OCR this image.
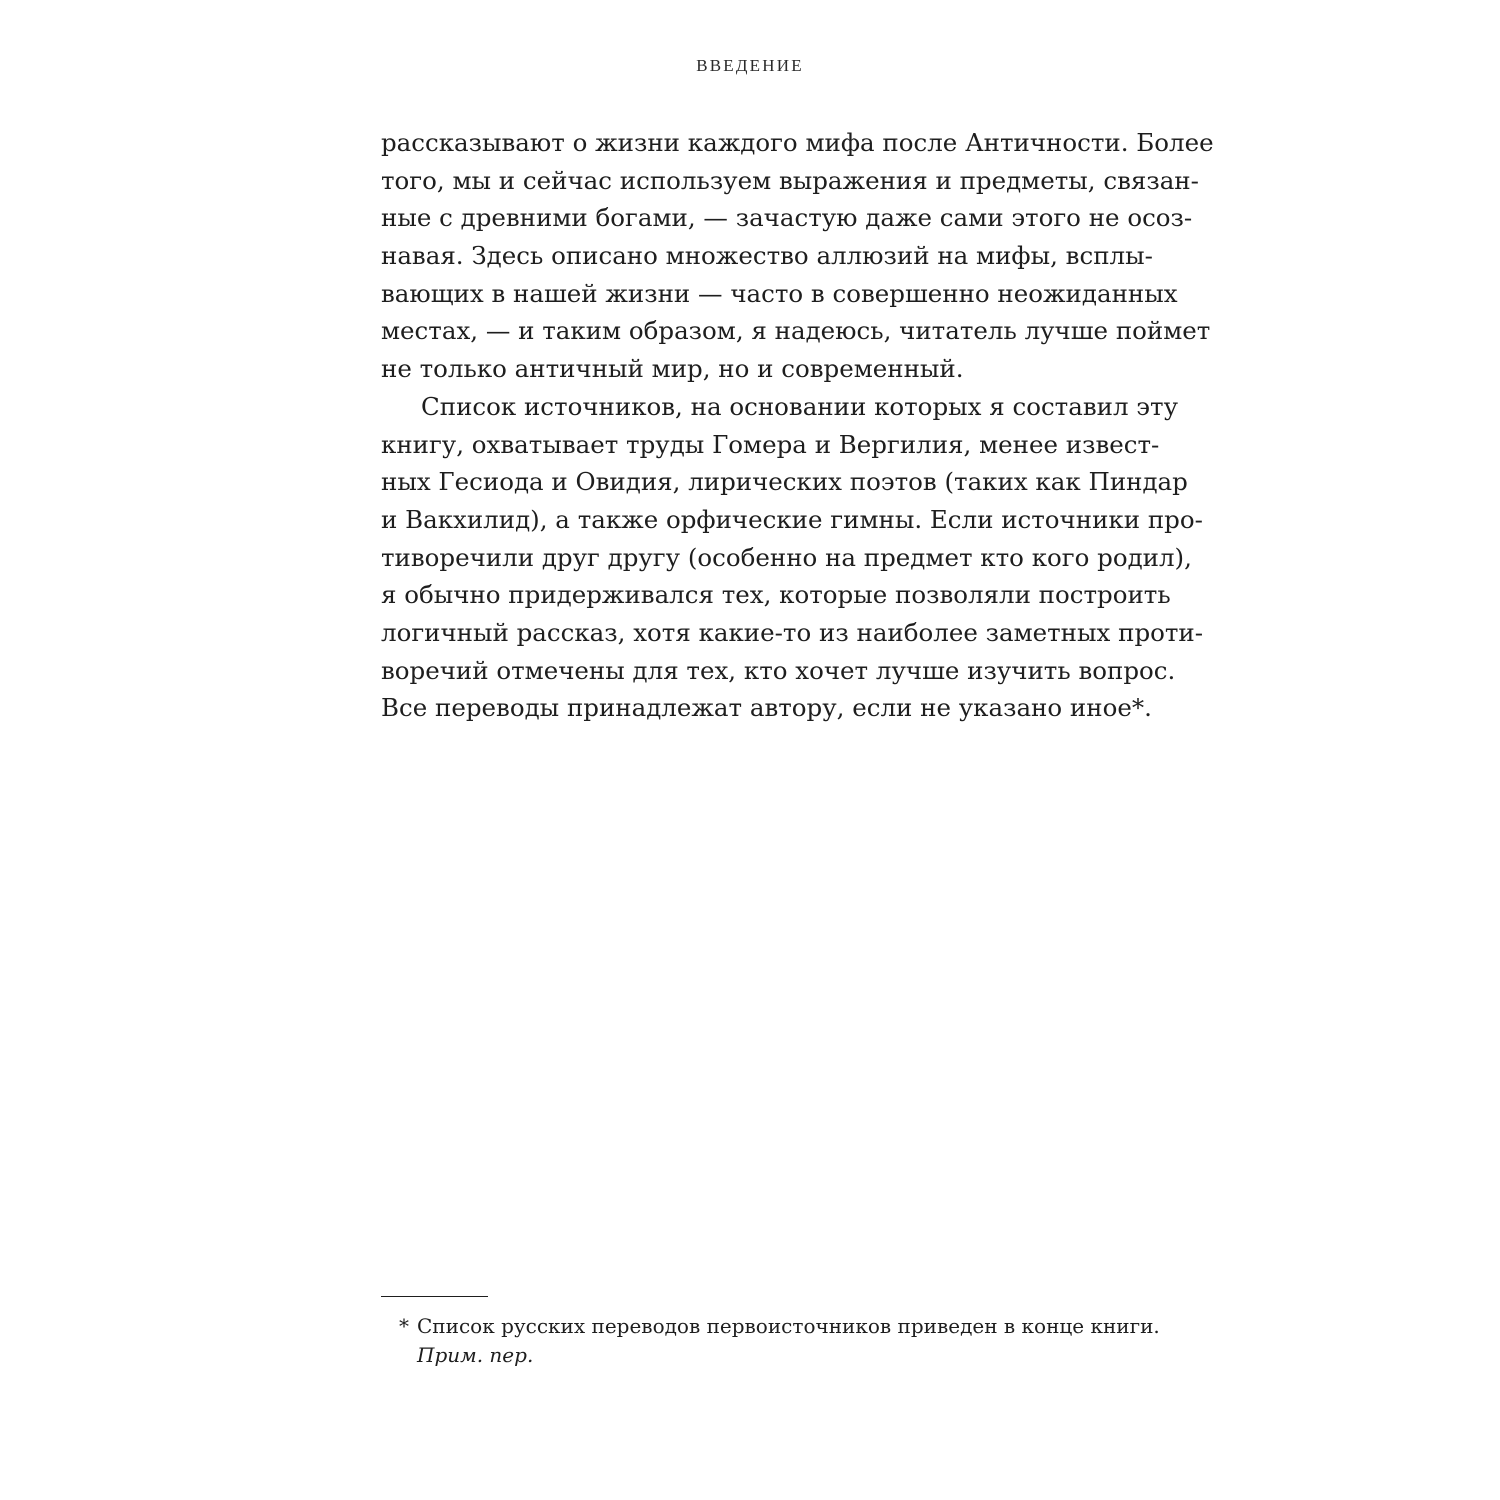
ВВЕДЕНИЕ
рассказывают о жизни каждого мифа после Античности. Более
того, мы и сейчас используем выражения и предметы, связан-
ные с древними богами, — зачастую даже сами этого не осоз-
навая. Здесь описано множество аллюзий на мифы, всплы-
вающих в нашей жизни — часто в совершенно неожиданных
местах, — и таким образом, я надеюсь, читатель лучше поймет
не только античный мир, но и современный.
Список источников, на основании которых я составил эту
книгу, охватывает труды Гомера и Вергилия, менее извест-
ных Гесиода и Овидия, лирических поэтов (таких как Пиндар
и Вакхилид), а также орфические гимны. Если источники про-
тиворечили друг другу (особенно на предмет кто кого родил),
я обычно придерживался тех, которые позволяли построить
логичный рассказ, хотя какие-то из наиболее заметных проти-
воречий отмечены для тех, кто хочет лучше изучить вопрос.
Все переводы принадлежат автору, если не указано иное*.
* Список русских переводов первоисточников приведен в конце книги.
Прим. пер.
